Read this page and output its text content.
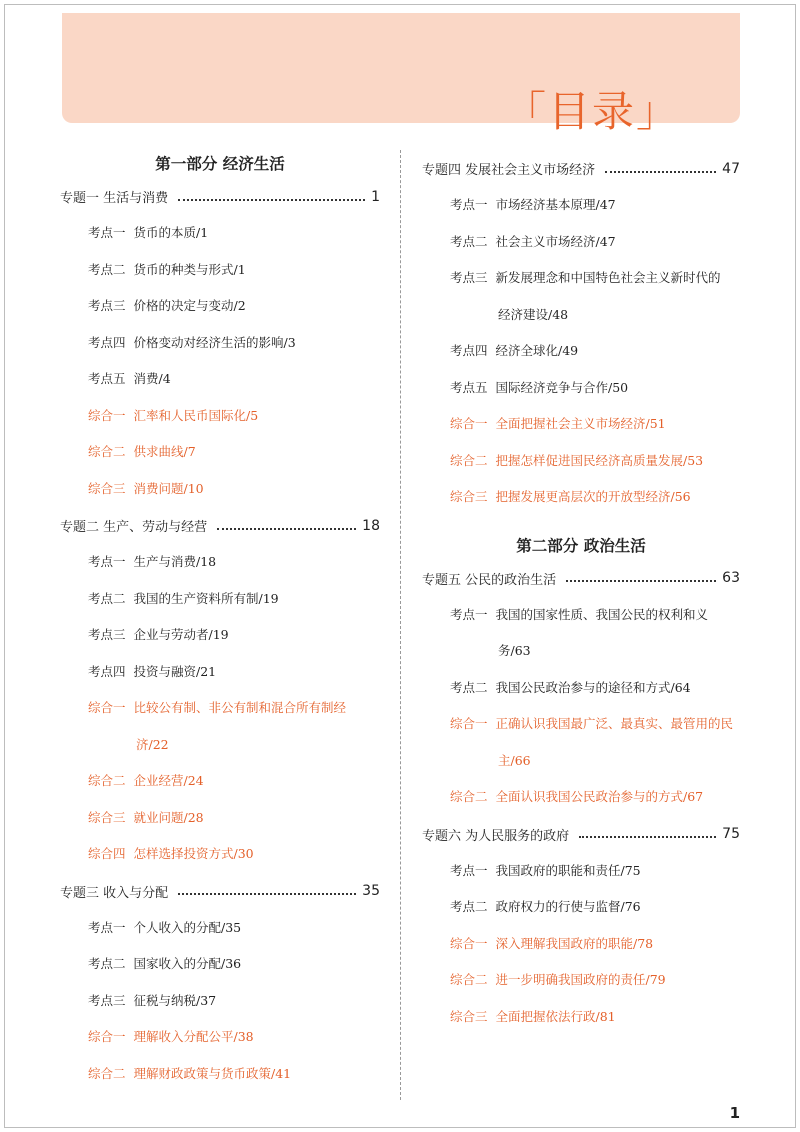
「目录」
第一部分 经济生活
专题一 生活与消费	1
考点一 货币的本质/1
考点二 货币的种类与形式/1
考点三 价格的决定与变动/2
考点四 价格变动对经济生活的影响/3
考点五 消费/4
综合一 汇率和人民币国际化/5
综合二 供求曲线/7
综合三 消费问题/10
专题二 生产、劳动与经营	18
考点一 生产与消费/18
考点二 我国的生产资料所有制/19
考点三 企业与劳动者/19
考点四 投资与融资/21
综合一 比较公有制、非公有制和混合所有制经
济/22
综合二 企业经营/24
综合三 就业问题/28
综合四 怎样选择投资方式/30
专题三 收入与分配	35
考点一 个人收入的分配/35
考点二 国家收入的分配/36
考点三 征税与纳税/37
综合一 理解收入分配公平/38
综合二 理解财政政策与货币政策/41
专题四 发展社会主义市场经济	47
考点一 市场经济基本原理/47
考点二 社会主义市场经济/47
考点三 新发展理念和中国特色社会主义新时代的
经济建设/48
考点四 经济全球化/49
考点五 国际经济竞争与合作/50
综合一 全面把握社会主义市场经济/51
综合二 把握怎样促进国民经济高质量发展/53
综合三 把握发展更高层次的开放型经济/56
第二部分 政治生活
专题五 公民的政治生活	63
考点一 我国的国家性质、我国公民的权利和义
务/63
考点二 我国公民政治参与的途径和方式/64
综合一 正确认识我国最广泛、最真实、最管用的民
主/66
综合二 全面认识我国公民政治参与的方式/67
专题六 为人民服务的政府	75
考点一 我国政府的职能和责任/75
考点二 政府权力的行使与监督/76
综合一 深入理解我国政府的职能/78
综合二 进一步明确我国政府的责任/79
综合三 全面把握依法行政/81
1
